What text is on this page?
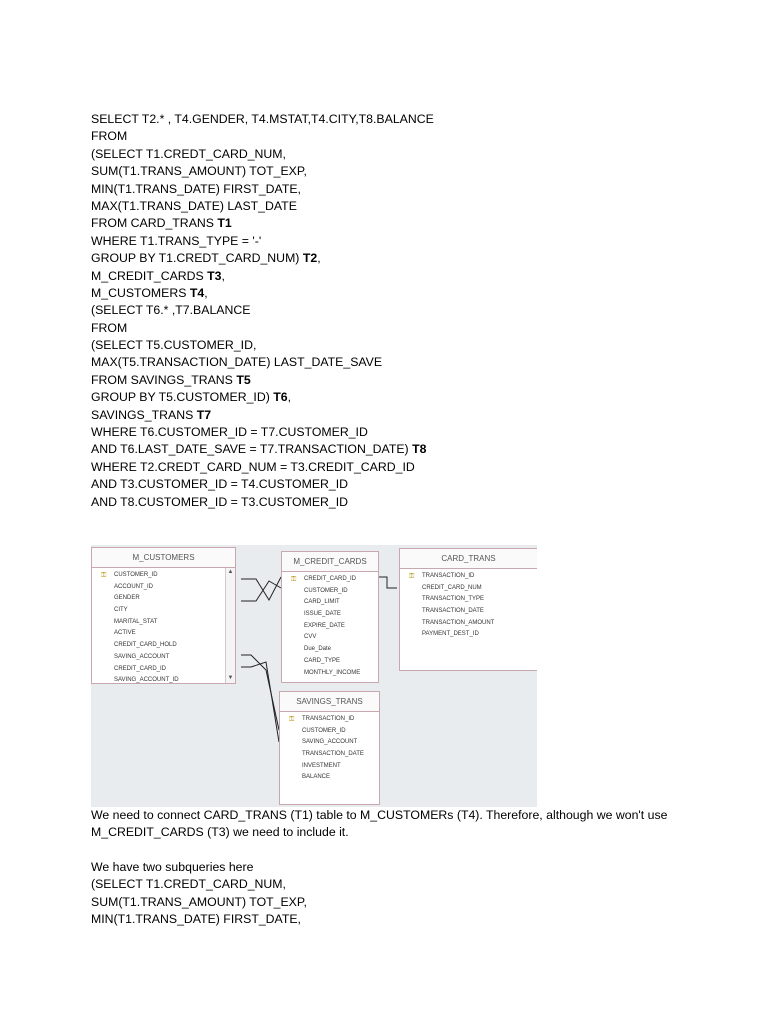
SELECT T2.* , T4.GENDER, T4.MSTAT,T4.CITY,T8.BALANCE
FROM
(SELECT T1.CREDT_CARD_NUM,
SUM(T1.TRANS_AMOUNT) TOT_EXP,
MIN(T1.TRANS_DATE) FIRST_DATE,
MAX(T1.TRANS_DATE) LAST_DATE
FROM CARD_TRANS T1
WHERE T1.TRANS_TYPE = '-'
GROUP BY T1.CREDT_CARD_NUM) T2,
M_CREDIT_CARDS T3,
M_CUSTOMERS T4,
(SELECT T6.* ,T7.BALANCE
FROM
(SELECT T5.CUSTOMER_ID,
MAX(T5.TRANSACTION_DATE) LAST_DATE_SAVE
FROM SAVINGS_TRANS T5
GROUP BY T5.CUSTOMER_ID) T6,
SAVINGS_TRANS T7
WHERE T6.CUSTOMER_ID = T7.CUSTOMER_ID
AND T6.LAST_DATE_SAVE = T7.TRANSACTION_DATE) T8
WHERE T2.CREDT_CARD_NUM = T3.CREDIT_CARD_ID
AND T3.CUSTOMER_ID = T4.CUSTOMER_ID
AND T8.CUSTOMER_ID = T3.CUSTOMER_ID
M_CUSTOMERS
⚿ CUSTOMER_ID
ACCOUNT_ID
GENDER
CITY
MARITAL_STAT
ACTIVE
CREDIT_CARD_HOLD
SAVING_ACCOUNT
CREDIT_CARD_ID
SAVING_ACCOUNT_ID
▲
▼
M_CREDIT_CARDS
⚿ CREDIT_CARD_ID
CUSTOMER_ID
CARD_LIMIT
ISSUE_DATE
EXPIRE_DATE
CVV
Due_Date
CARD_TYPE
MONTHLY_INCOME
CARD_TRANS
⚿ TRANSACTION_ID
CREDIT_CARD_NUM
TRANSACTION_TYPE
TRANSACTION_DATE
TRANSACTION_AMOUNT
PAYMENT_DEST_ID
SAVINGS_TRANS
⚿ TRANSACTION_ID
CUSTOMER_ID
SAVING_ACCOUNT
TRANSACTION_DATE
INVESTMENT
BALANCE
We need to connect CARD_TRANS (T1) table to M_CUSTOMERs (T4). Therefore, although we won't use M_CREDIT_CARDS (T3) we need to include it.
We have two subqueries here
(SELECT T1.CREDT_CARD_NUM,
SUM(T1.TRANS_AMOUNT) TOT_EXP,
MIN(T1.TRANS_DATE) FIRST_DATE,
